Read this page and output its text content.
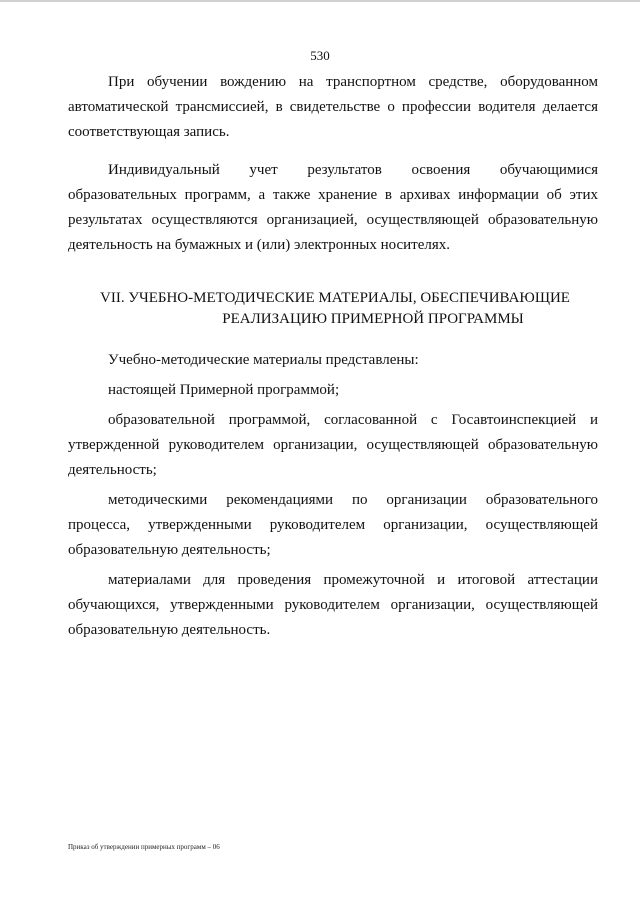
530

При обучении вождению на транспортном средстве, оборудованном автоматической трансмиссией, в свидетельстве о профессии водителя делается соответствующая запись.

Индивидуальный учет результатов освоения обучающимися образовательных программ, а также хранение в архивах информации об этих результатах осуществляются организацией, осуществляющей образовательную деятельность на бумажных и (или) электронных носителях.

VII. УЧЕБНО-МЕТОДИЧЕСКИЕ МАТЕРИАЛЫ, ОБЕСПЕЧИВАЮЩИЕ
РЕАЛИЗАЦИЮ ПРИМЕРНОЙ ПРОГРАММЫ

Учебно-методические материалы представлены:

настоящей Примерной программой;

образовательной программой, согласованной с Госавтоинспекцией и утвержденной руководителем организации, осуществляющей образовательную деятельность;

методическими рекомендациями по организации образовательного процесса, утвержденными руководителем организации, осуществляющей образовательную деятельность;

материалами для проведения промежуточной и итоговой аттестации обучающихся, утвержденными руководителем организации, осуществляющей образовательную деятельность.

Приказ об утверждении примерных программ – 06
